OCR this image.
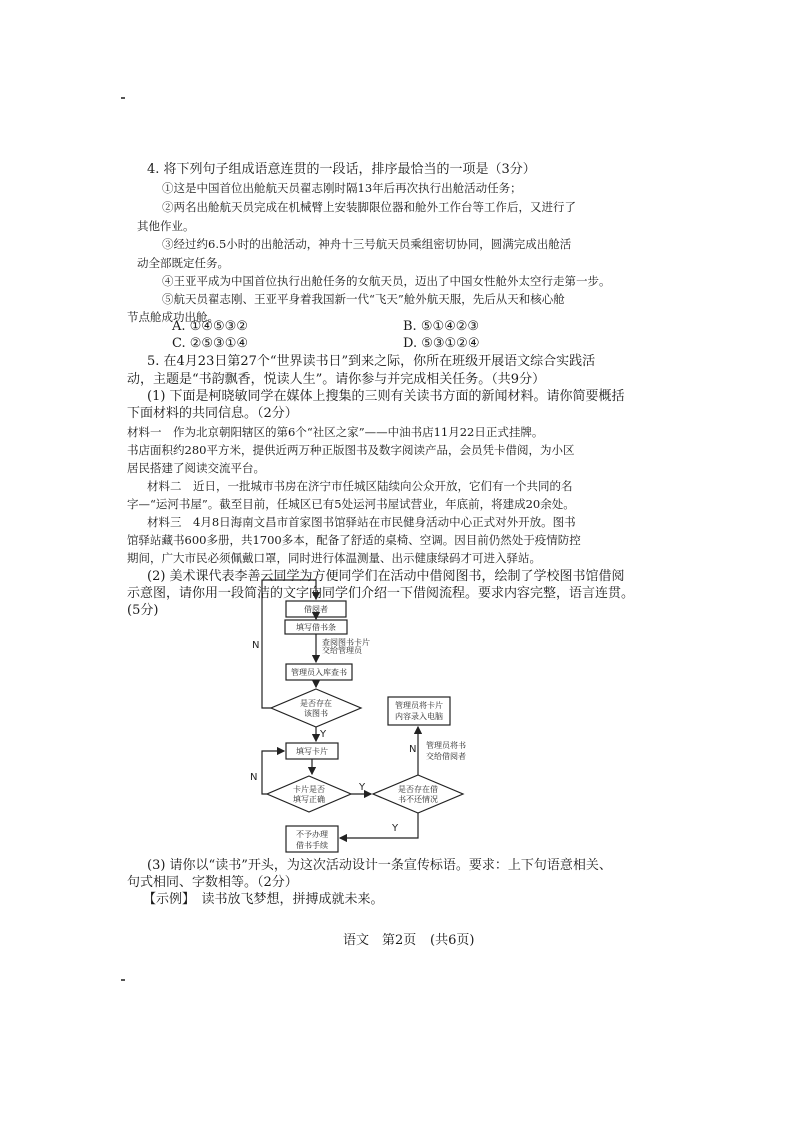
4. 将下列句子组成语意连贯的一段话，排序最恰当的一项是（3分）
①这是中国首位出舱航天员翟志刚时隔13年后再次执行出舱活动任务；
②两名出舱航天员完成在机械臂上安装脚限位器和舱外工作台等工作后，又进行了
其他作业。
③经过约6.5小时的出舱活动，神舟十三号航天员乘组密切协同，圆满完成出舱活
动全部既定任务。
④王亚平成为中国首位执行出舱任务的女航天员，迈出了中国女性舱外太空行走第一步。
⑤航天员翟志刚、王亚平身着我国新一代“飞天”舱外航天服，先后从天和核心舱
节点舱成功出舱。
A. ①④⑤③②	B. ⑤①④②③
C. ②⑤③①④	D. ⑤③①②④
5. 在4月23日第27个“世界读书日”到来之际，你所在班级开展语文综合实践活
动，主题是“书韵飘香，悦读人生”。请你参与并完成相关任务。（共9分）
(1) 下面是柯晓敏同学在媒体上搜集的三则有关读书方面的新闻材料。请你简要概括
下面材料的共同信息。（2分）
材料一　作为北京朝阳辖区的第6个“社区之家”——中油书店11月22日正式挂牌。
书店面积约280平方米，提供近两万种正版图书及数字阅读产品，会员凭卡借阅，为小区
居民搭建了阅读交流平台。
材料二　近日，一批城市书房在济宁市任城区陆续向公众开放，它们有一个共同的名
字—“运河书屋”。截至目前，任城区已有5处运河书屋试营业，年底前，将建成20余处。
材料三　4月8日海南文昌市首家图书馆驿站在市民健身活动中心正式对外开放。图书
馆驿站藏书600多册，共1700多本，配备了舒适的桌椅、空调。因目前仍然处于疫情防控
期间，广大市民必须佩戴口罩，同时进行体温测量、出示健康绿码才可进入驿站。
(2) 美术课代表李善云同学为方便同学们在活动中借阅图书，绘制了学校图书馆借阅
示意图，请你用一段简洁的文字向同学们介绍一下借阅流程。要求内容完整，语言连贯。
(5分)	借阅者
查阅图书卡片
填写借书条
交给管理员
管理员入库查书
是否存在
该图书
填写卡片
卡片是否
填写正确
是否存在借
书不还情况
管理员将卡片
内容录入电脑
管理员将书
交给借阅者
不予办理
借书手续
N
Y
N
Y
N
Y
(3) 请你以“读书”开头，为这次活动设计一条宣传标语。要求：上下句语意相关、
句式相同、字数相等。（2分）
【示例】　读书放飞梦想，拼搏成就未来。
语文 第2页 (共6页)
